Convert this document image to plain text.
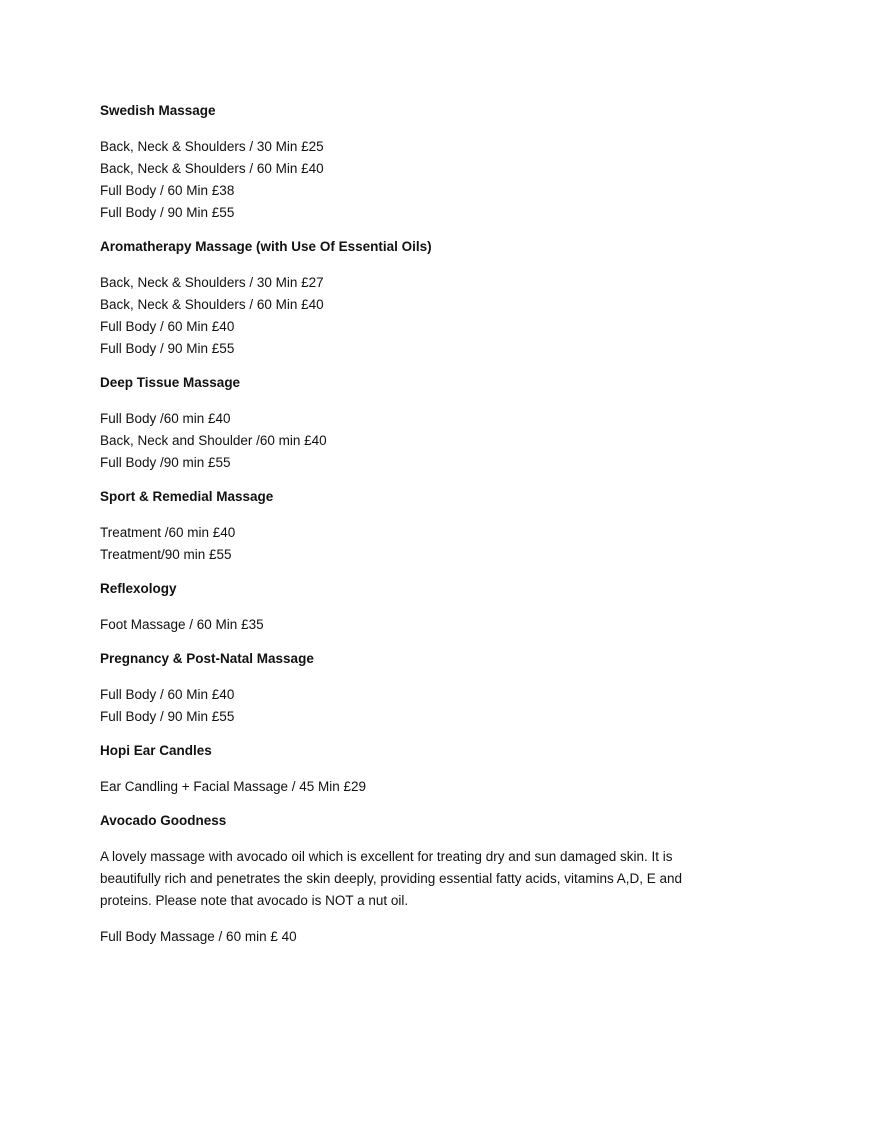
Swedish Massage
Back, Neck & Shoulders / 30 Min £25
Back, Neck & Shoulders / 60 Min £40
Full Body / 60 Min £38
Full Body / 90 Min £55
Aromatherapy Massage (with Use Of Essential Oils)
Back, Neck & Shoulders / 30 Min £27
Back, Neck & Shoulders / 60 Min £40
Full Body / 60 Min £40
Full Body / 90 Min £55
Deep Tissue Massage
Full Body /60 min £40
Back, Neck and Shoulder /60 min £40
Full Body /90 min £55
Sport & Remedial Massage
Treatment /60 min £40
Treatment/90 min £55
Reflexology
Foot Massage / 60 Min £35
Pregnancy & Post-Natal Massage
Full Body / 60 Min £40
Full Body / 90 Min £55
Hopi Ear Candles
Ear Candling + Facial Massage / 45 Min £29
Avocado Goodness
A lovely massage with avocado oil which is excellent for treating dry and sun damaged skin. It is
beautifully rich and penetrates the skin deeply, providing essential fatty acids, vitamins A,D, E and
proteins. Please note that avocado is NOT a nut oil.
Full Body Massage / 60 min £ 40
